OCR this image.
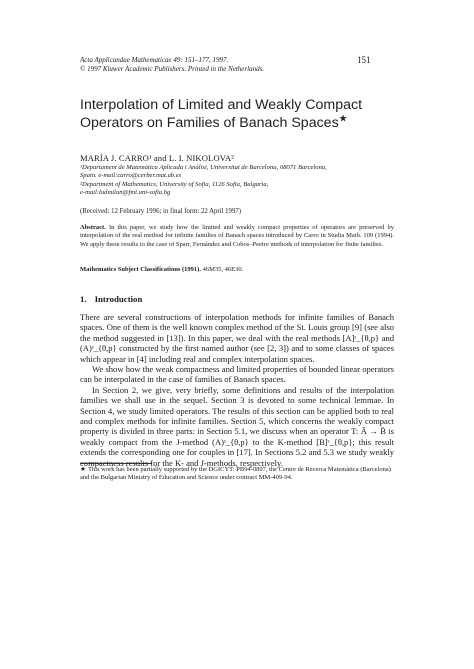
Acta Applicandae Mathematicae 49: 151–177, 1997.
© 1997 Kluwer Academic Publishers. Printed in the Netherlands.
151
Interpolation of Limited and Weakly Compact
Operators on Families of Banach Spaces★
MARÍA J. CARRO¹ and L. I. NIKOLOVA²
¹Departament de Matemàtica Aplicada i Anàlisi, Universitat de Barcelona, 08071 Barcelona,
Spain. e-mail:carro@cerber.mat.ub.es
²Department of Mathematics, University of Sofia, 1126 Sofia, Bulgaria,
e-mail:ludmilan@fmi.uni-sofia.bg
(Received: 12 February 1996; in final form: 22 April 1997)
Abstract. In this paper, we study how the limited and weakly compact properties of operators are preserved by interpolation of the real method for infinite families of Banach spaces introduced by Carro in Studia Math. 109 (1994). We apply these results to the case of Sparr, Fernández and Cobos–Peetre methods of interpolation for finite families.
Mathematics Subject Classifications (1991). 46M35, 46E30.
1. Introduction

There are several constructions of interpolation methods for infinite families of Banach spaces. One of them is the well known complex method of the St. Louis group [9] (see also the method suggested in [13]). In this paper, we deal with the real methods [A]ˢ_{θ,p} and (A)ˢ_{θ,p} constructed by the first named author (see [2, 3]) and to some classes of spaces which appear in [4] including real and complex interpolation spaces.

We show how the weak compactness and limited properties of bounded linear operators can be interpolated in the case of families of Banach spaces.

In Section 2, we give, very briefly, some definitions and results of the interpolation families we shall use in the sequel. Section 3 is devoted to some technical lemmae. In Section 4, we study limited operators. The results of this section can be applied both to real and complex methods for infinite families. Section 5, which concerns the weakly compact property is divided in three parts: in Section 5.1, we discuss when an operator T: Ā → B̄ is weakly compact from the J-method (A)ˢ_{θ,p} to the K-method [B]ˢ_{θ,p}; this result extends the corresponding one for couples in [17]. In Sections 5.2 and 5.3 we study weakly compactness results for the K- and J-methods, respectively.

★ This work has been partially supported by the DGICYT: PB94-0897, the Centre de Recerca Matemàtica (Barcelona) and the Bulgarian Ministry of Education and Science under contract MM-409-94.
